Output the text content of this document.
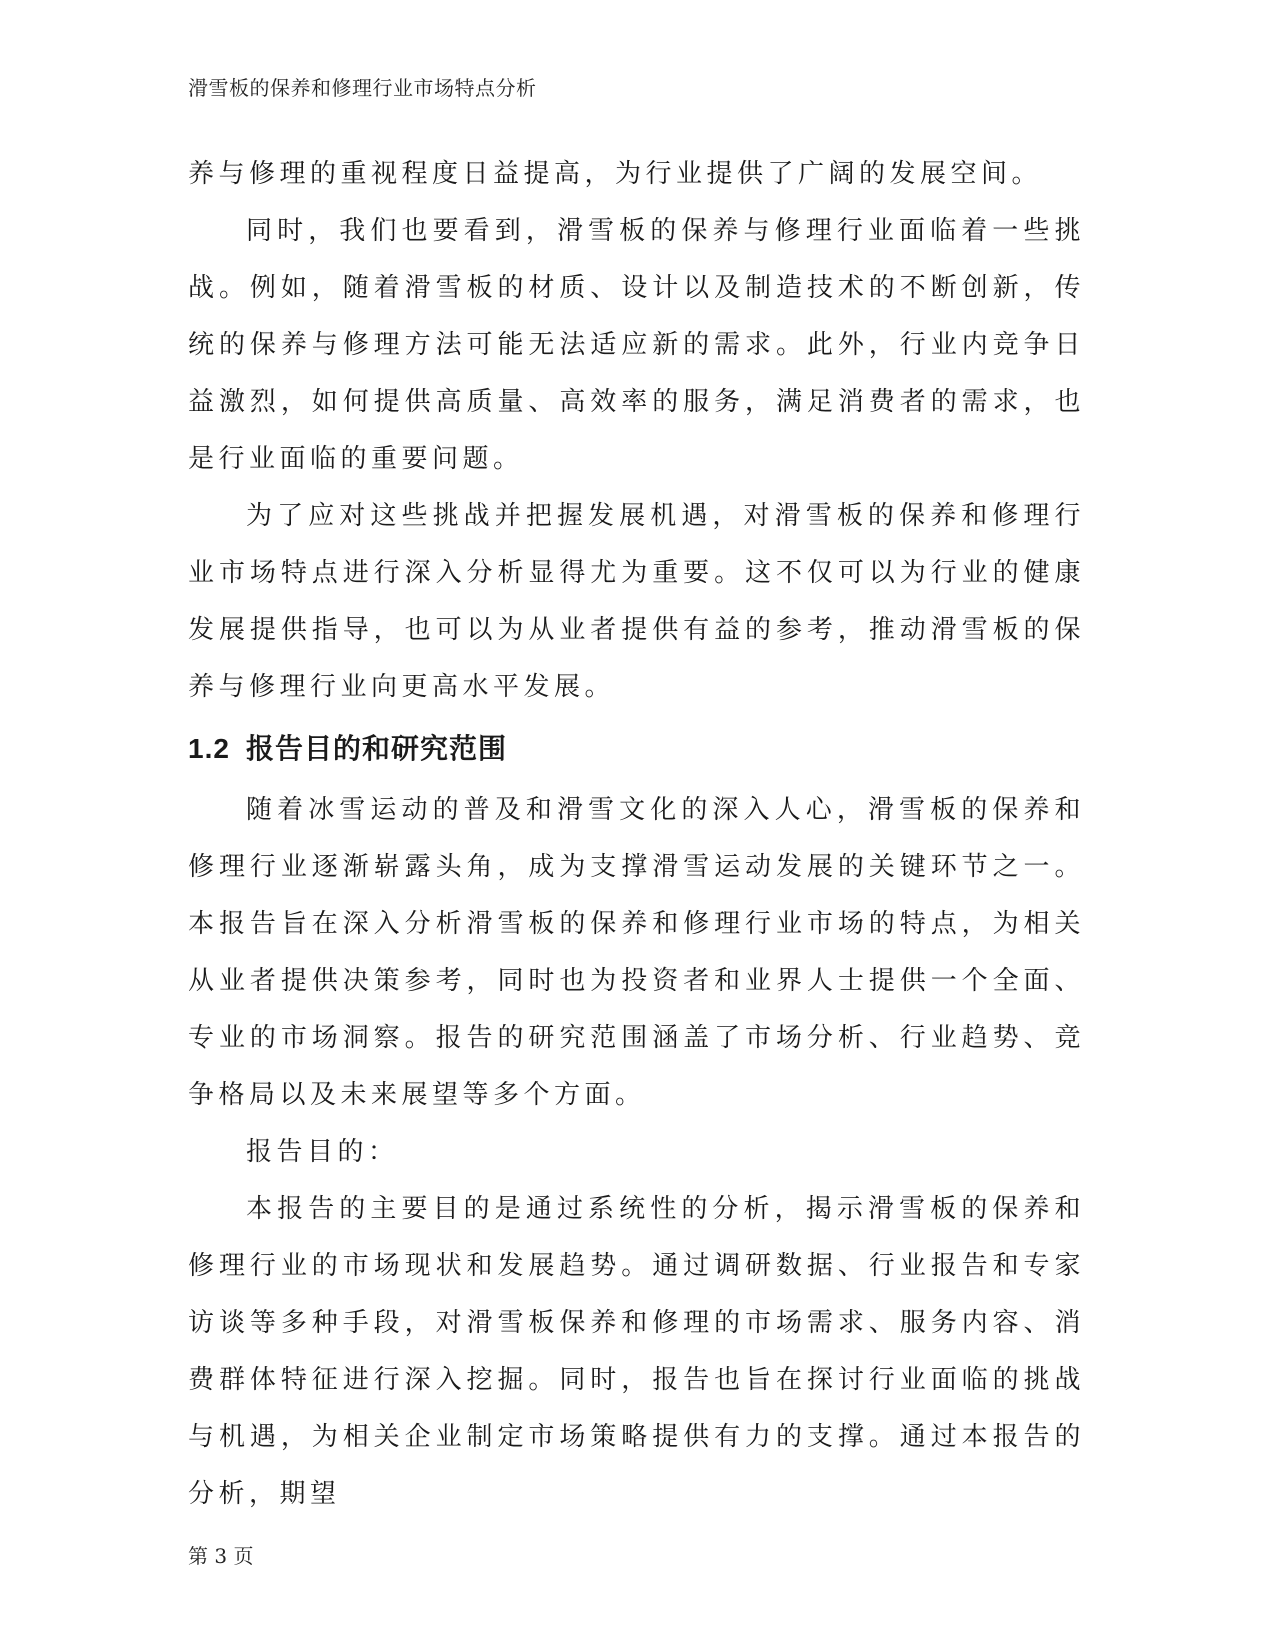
滑雪板的保养和修理行业市场特点分析

养与修理的重视程度日益提高，为行业提供了广阔的发展空间。

同时，我们也要看到，滑雪板的保养与修理行业面临着一些挑战。例如，随着滑雪板的材质、设计以及制造技术的不断创新，传统的保养与修理方法可能无法适应新的需求。此外，行业内竞争日益激烈，如何提供高质量、高效率的服务，满足消费者的需求，也是行业面临的重要问题。

为了应对这些挑战并把握发展机遇，对滑雪板的保养和修理行业市场特点进行深入分析显得尤为重要。这不仅可以为行业的健康发展提供指导，也可以为从业者提供有益的参考，推动滑雪板的保养与修理行业向更高水平发展。

1.2 报告目的和研究范围

随着冰雪运动的普及和滑雪文化的深入人心，滑雪板的保养和修理行业逐渐崭露头角，成为支撑滑雪运动发展的关键环节之一。本报告旨在深入分析滑雪板的保养和修理行业市场的特点，为相关从业者提供决策参考，同时也为投资者和业界人士提供一个全面、专业的市场洞察。报告的研究范围涵盖了市场分析、行业趋势、竞争格局以及未来展望等多个方面。

报告目的：

本报告的主要目的是通过系统性的分析，揭示滑雪板的保养和修理行业的市场现状和发展趋势。通过调研数据、行业报告和专家访谈等多种手段，对滑雪板保养和修理的市场需求、服务内容、消费群体特征进行深入挖掘。同时，报告也旨在探讨行业面临的挑战与机遇，为相关企业制定市场策略提供有力的支撑。通过本报告的分析，期望

第 3 页
